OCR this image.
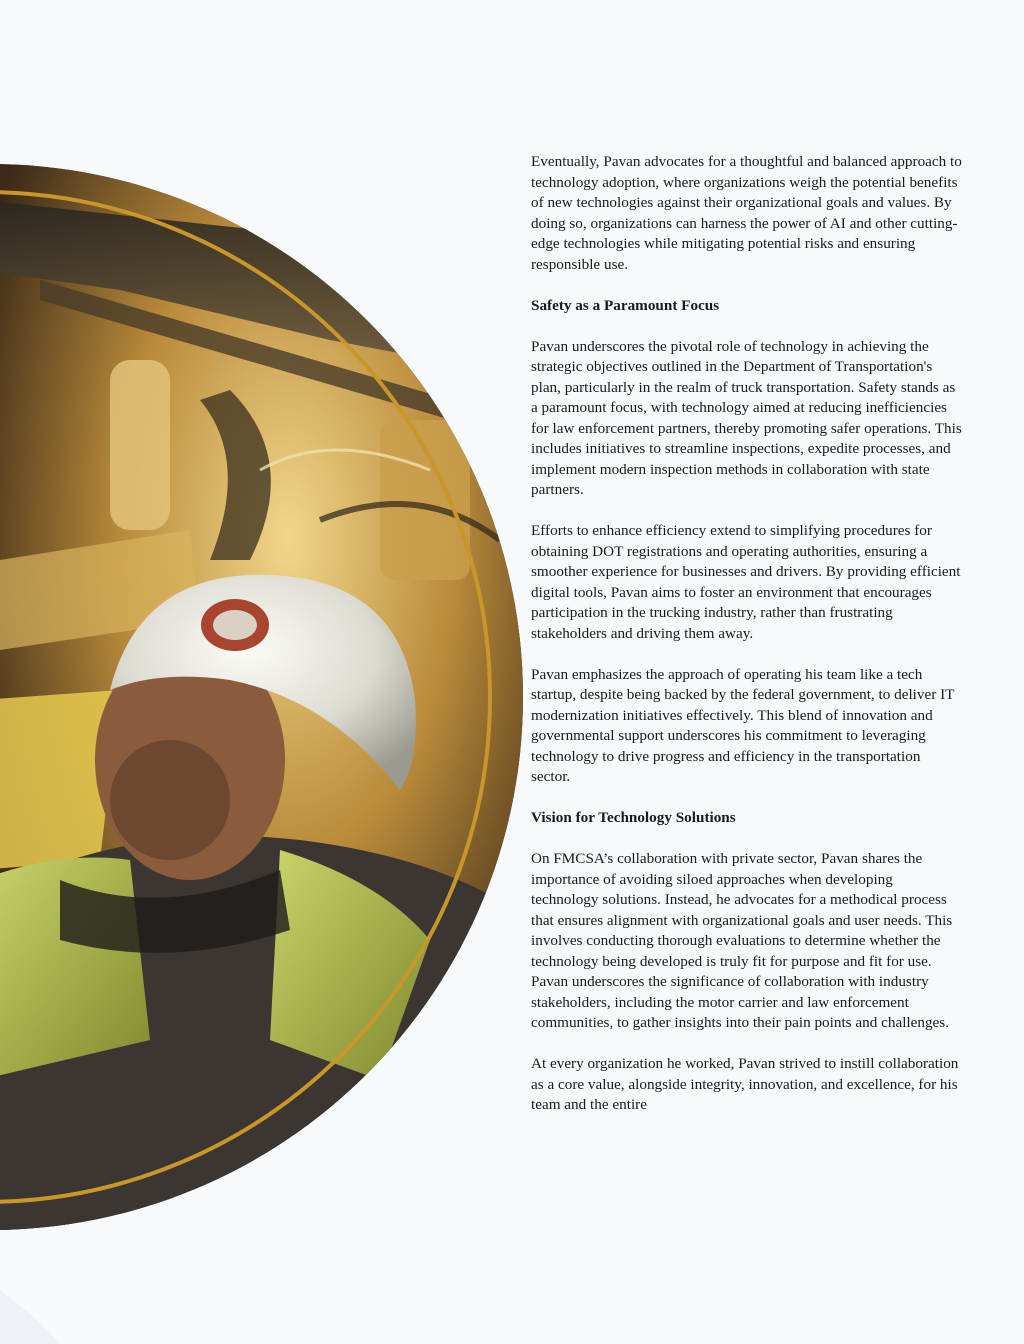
Eventually, Pavan advocates for a thoughtful and balanced approach to technology adoption, where organizations weigh the potential benefits of new technologies against their organizational goals and values. By doing so, organizations can harness the power of AI and other cutting-edge technologies while mitigating potential risks and ensuring responsible use.

Safety as a Paramount Focus

Pavan underscores the pivotal role of technology in achieving the strategic objectives outlined in the Department of Transportation's plan, particularly in the realm of truck transportation. Safety stands as a paramount focus, with technology aimed at reducing inefficiencies for law enforcement partners, thereby promoting safer operations. This includes initiatives to streamline inspections, expedite processes, and implement modern inspection methods in collaboration with state partners.

Efforts to enhance efficiency extend to simplifying procedures for obtaining DOT registrations and operating authorities, ensuring a smoother experience for businesses and drivers. By providing efficient digital tools, Pavan aims to foster an environment that encourages participation in the trucking industry, rather than frustrating stakeholders and driving them away.

Pavan emphasizes the approach of operating his team like a tech startup, despite being backed by the federal government, to deliver IT modernization initiatives effectively. This blend of innovation and governmental support underscores his commitment to leveraging technology to drive progress and efficiency in the transportation sector.

Vision for Technology Solutions

On FMCSA’s collaboration with private sector, Pavan shares the importance of avoiding siloed approaches when developing technology solutions. Instead, he advocates for a methodical process that ensures alignment with organizational goals and user needs. This involves conducting thorough evaluations to determine whether the technology being developed is truly fit for purpose and fit for use. Pavan underscores the significance of collaboration with industry stakeholders, including the motor carrier and law enforcement communities, to gather insights into their pain points and challenges.

At every organization he worked, Pavan strived to instill collaboration as a core value, alongside integrity, innovation, and excellence, for his team and the entire
